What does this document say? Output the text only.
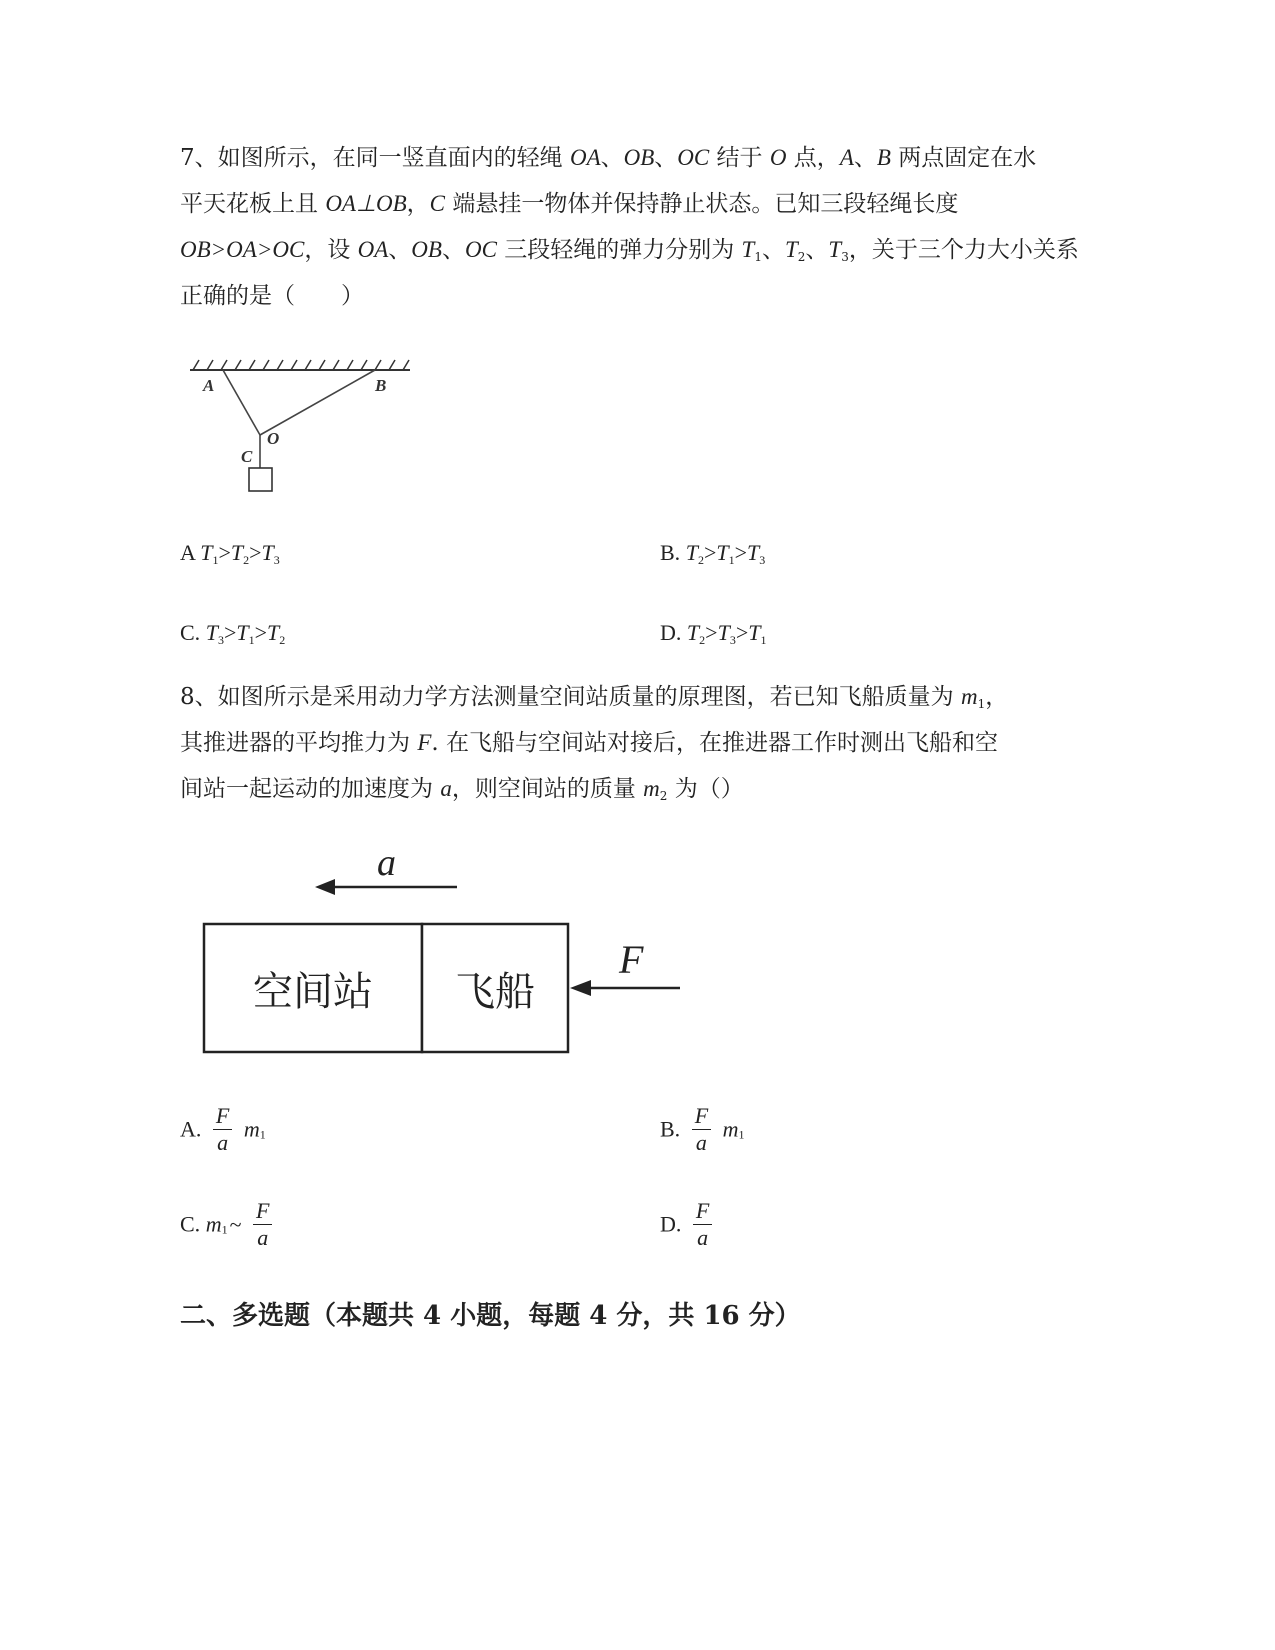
7、如图所示，在同一竖直面内的轻绳 OA、OB、OC 结于 O 点，A、B 两点固定在水
平天花板上且 OA⊥OB，C 端悬挂一物体并保持静止状态。已知三段轻绳长度
OB>OA>OC，设 OA、OB、OC 三段轻绳的弹力分别为 $T_1$、$T_2$、$T_3$，关于三个力大小关系
正确的是（　　）
A	B
O
C
A $T_1>T_2>T_3$	B. $T_2>T_1>T_3$
C. $T_3>T_1>T_2$	D. $T_2>T_3>T_1$
8、如图所示是采用动力学方法测量空间站质量的原理图，若已知飞船质量为 $m_1$，
其推进器的平均推力为 F. 在飞船与空间站对接后，在推进器工作时测出飞船和空
间站一起运动的加速度为 a，则空间站的质量 $m_2$ 为（）
a
空间站 飞船
F
A. $\frac{F}{a} m_1$	B. $\frac{F}{a} m_1$
C. $m_1\sim \frac{F}{a}$	D. $\frac{F}{a}$
二、多选题（本题共 4 小题，每题 4 分，共 16 分）
